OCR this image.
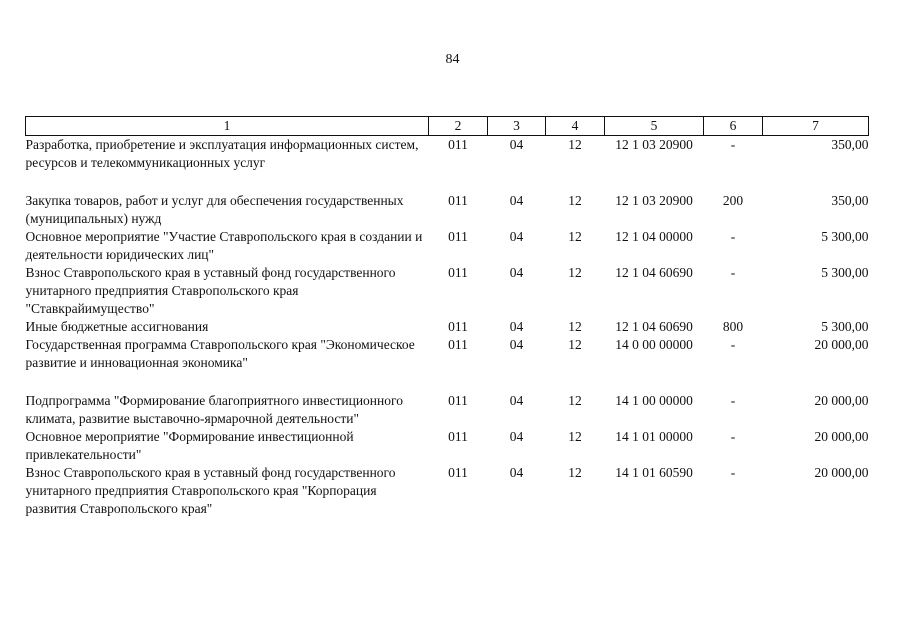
84
1	2	3	4	5	6	7
Разработка, приобретение и эксплуатация информационных систем, ресурсов и телекоммуникационных услуг	011	04	12	12 1 03 20900	-	350,00
Закупка товаров, работ и услуг для обеспечения государственных (муниципальных) нужд	011	04	12	12 1 03 20900	200	350,00
Основное мероприятие "Участие Ставропольского края в создании и деятельности юридических лиц"	011	04	12	12 1 04 00000	-	5 300,00
Взнос Ставропольского края в уставный фонд государственного унитарного предприятия Ставропольского края "Ставкрайимущество"	011	04	12	12 1 04 60690	-	5 300,00
Иные бюджетные ассигнования	011	04	12	12 1 04 60690	800	5 300,00
Государственная программа Ставропольского края "Экономическое развитие и инновационная экономика"	011	04	12	14 0 00 00000	-	20 000,00
Подпрограмма "Формирование благоприятного инвестиционного климата, развитие выставочно-ярмарочной деятельности"	011	04	12	14 1 00 00000	-	20 000,00
Основное мероприятие "Формирование инвестиционной привлекательности"	011	04	12	14 1 01 00000	-	20 000,00
Взнос Ставропольского края в уставный фонд государственного унитарного предприятия Ставропольского края "Корпорация развития Ставропольского края"	011	04	12	14 1 01 60590	-	20 000,00
